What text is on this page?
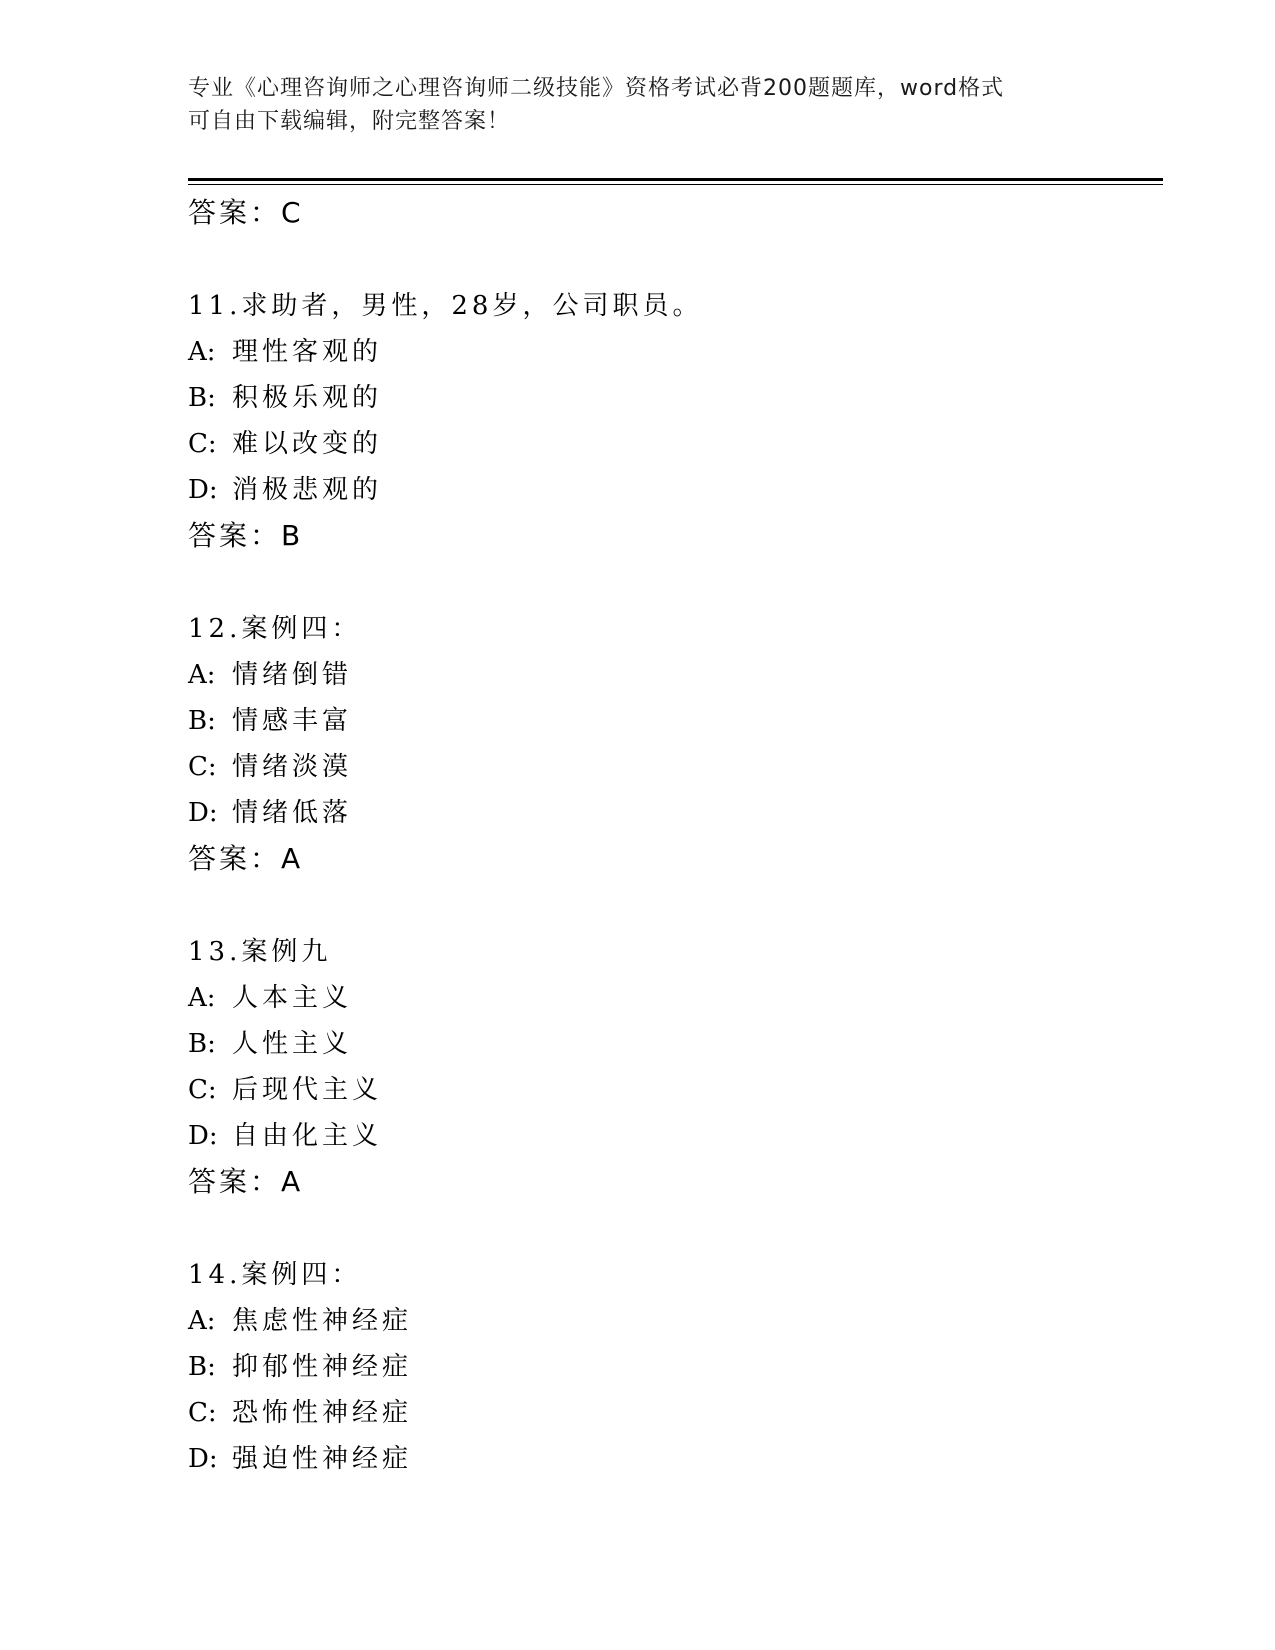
专业《心理咨询师之心理咨询师二级技能》资格考试必背200题题库，word格式
可自由下载编辑，附完整答案！
答案：C
11.求助者，男性，28岁，公司职员。
A: 理性客观的
B: 积极乐观的
C: 难以改变的
D: 消极悲观的
答案：B
12.案例四：
A: 情绪倒错
B: 情感丰富
C: 情绪淡漠
D: 情绪低落
答案：A
13.案例九
A: 人本主义
B: 人性主义
C: 后现代主义
D: 自由化主义
答案：A
14.案例四：
A: 焦虑性神经症
B: 抑郁性神经症
C: 恐怖性神经症
D: 强迫性神经症
